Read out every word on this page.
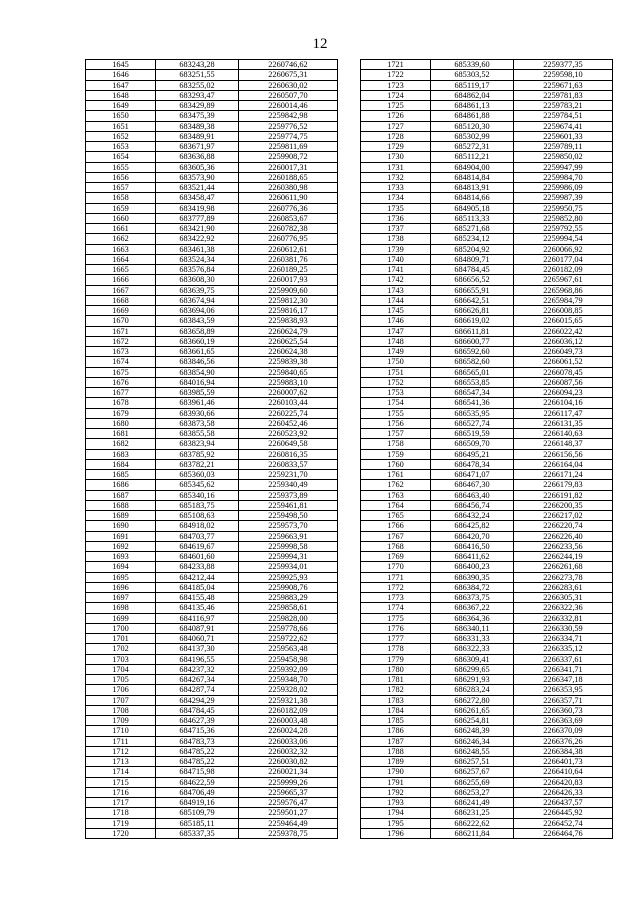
12
1645	683243,28	2260746,62
1646	683251,55	2260675,31
1647	683255,02	2260630,02
1648	683293,47	2260507,70
1649	683429,89	2260014,46
1650	683475,39	2259842,98
1651	683489,38	2259776,52
1652	683489,91	2259774,75
1653	683671,97	2259811,69
1654	683636,88	2259908,72
1655	683605,36	2260017,31
1656	683573,90	2260188,65
1657	683521,44	2260380,98
1658	683458,47	2260611,90
1659	683419,98	2260776,36
1660	683777,89	2260853,67
1661	683421,90	2260782,38
1662	683422,92	2260776,95
1663	683461,38	2260612,61
1664	683524,34	2260381,76
1665	683576,84	2260189,25
1666	683608,30	2260017,93
1667	683639,75	2259909,60
1668	683674,94	2259812,30
1669	683694,06	2259816,17
1670	683843,59	2259838,93
1671	683658,89	2260624,79
1672	683660,19	2260625,54
1673	683661,65	2260624,38
1674	683846,56	2259839,38
1675	683854,90	2259840,65
1676	684016,94	2259883,10
1677	683985,59	2260007,62
1678	683961,46	2260103,44
1679	683930,66	2260225,74
1680	683873,58	2260452,46
1681	683855,58	2260523,92
1682	683823,94	2260649,58
1683	683785,92	2260816,35
1684	683782,21	2260833,57
1685	685360,03	2259231,70
1686	685345,62	2259340,49
1687	685340,16	2259373,89
1688	685183,75	2259461,81
1689	685108,63	2259498,50
1690	684918,02	2259573,70
1691	684703,77	2259663,91
1692	684619,67	2259998,58
1693	684601,60	2259994,31
1694	684233,88	2259934,01
1695	684212,44	2259925,93
1696	684185,04	2259908,76
1697	684155,48	2259883,29
1698	684135,46	2259858,61
1699	684116,97	2259828,00
1700	684087,91	2259778,66
1701	684060,71	2259722,62
1702	684137,30	2259563,48
1703	684196,55	2259458,98
1704	684237,32	2259392,09
1705	684267,34	2259348,70
1706	684287,74	2259328,02
1707	684294,29	2259321,38
1708	684784,45	2260182,09
1709	684627,39	2260003,48
1710	684715,36	2260024,28
1711	684783,73	2260033,06
1712	684785,22	2260032,32
1713	684785,22	2260030,82
1714	684715,98	2260021,34
1715	684622,59	2259999,26
1716	684706,49	2259665,37
1717	684919,16	2259576,47
1718	685109,79	2259501,27
1719	685185,11	2259464,49
1720	685337,35	2259378,75
1721	685339,60	2259377,35
1722	685303,52	2259598,10
1723	685119,17	2259671,63
1724	684862,04	2259781,83
1725	684861,13	2259783,21
1726	684861,88	2259784,51
1727	685120,30	2259674,41
1728	685302,99	2259601,33
1729	685272,31	2259789,11
1730	685112,21	2259850,02
1731	684904,00	2259947,99
1732	684814,84	2259984,70
1733	684813,91	2259986,09
1734	684814,66	2259987,39
1735	684905,18	2259950,75
1736	685113,33	2259852,80
1737	685271,68	2259792,55
1738	685234,12	2259994,54
1739	685204,92	2260066,92
1740	684809,71	2260177,04
1741	684784,45	2260182,09
1742	686656,52	2265967,61
1743	686655,91	2265968,86
1744	686642,51	2265984,79
1745	686626,81	2266008,85
1746	686619,02	2266015,65
1747	686611,81	2266022,42
1748	686600,77	2266036,12
1749	686592,60	2266049,73
1750	686582,60	2266061,52
1751	686565,01	2266078,45
1752	686553,85	2266087,56
1753	686547,34	2266094,23
1754	686541,36	2266104,16
1755	686535,95	2266117,47
1756	686527,74	2266131,35
1757	686519,59	2266140,63
1758	686509,70	2266148,37
1759	686495,21	2266156,56
1760	686478,34	2266164,04
1761	686471,07	2266171,24
1762	686467,30	2266179,83
1763	686463,40	2266191,82
1764	686456,74	2266200,35
1765	686432,24	2266217,02
1766	686425,82	2266220,74
1767	686420,70	2266226,40
1768	686416,50	2266233,56
1769	686411,62	2266244,19
1770	686400,23	2266261,68
1771	686390,35	2266273,78
1772	686384,72	2266283,61
1773	686373,75	2266305,31
1774	686367,22	2266322,36
1775	686364,36	2266332,81
1776	686340,11	2266330,59
1777	686331,33	2266334,71
1778	686322,33	2266335,12
1779	686309,41	2266337,61
1780	686299,65	2266341,71
1781	686291,93	2266347,18
1782	686283,24	2266353,95
1783	686272,80	2266357,71
1784	686261,65	2266360,73
1785	686254,81	2266363,69
1786	686248,39	2266370,09
1787	686246,34	2266376,26
1788	686248,55	2266384,38
1789	686257,51	2266401,73
1790	686257,67	2266410,64
1791	686255,69	2266420,83
1792	686253,27	2266426,33
1793	686241,49	2266437,57
1794	686231,25	2266445,92
1795	686222,62	2266452,74
1796	686211,84	2266464,76
